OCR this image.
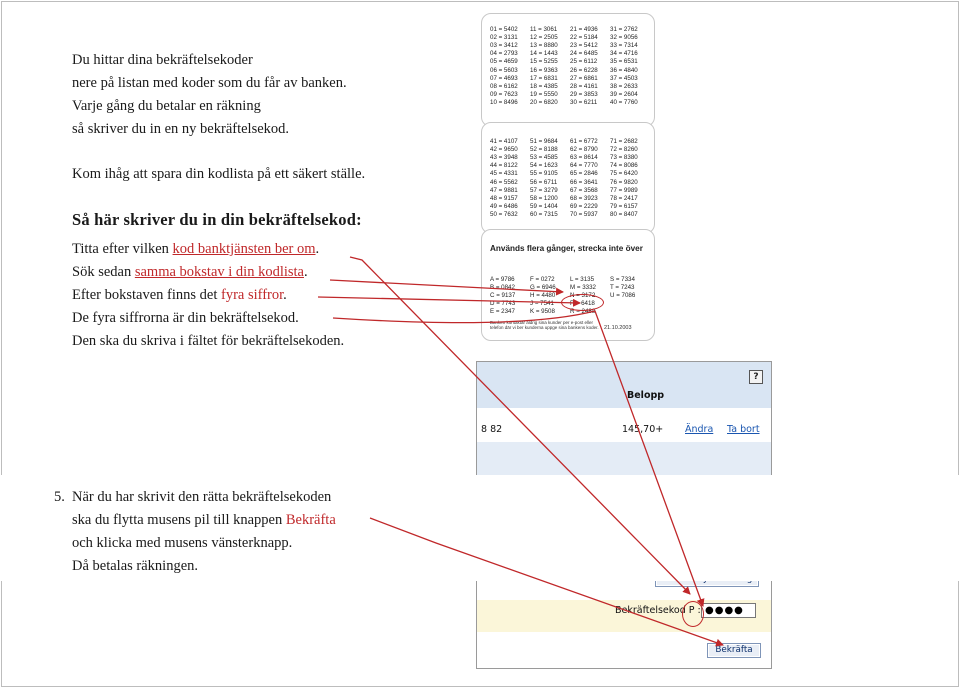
Du hittar dina bekräftelsekoder
nere på listan med koder som du får av banken.
Varje gång du betalar en räkning
så skriver du in en ny bekräftelsekod.
Kom ihåg att spara din kodlista på ett säkert ställe.
Så här skriver du in din bekräftelsekod:
Titta efter vilken kod banktjänsten ber om.
Sök sedan samma bokstav i din kodlista.
Efter bokstaven finns det fyra siffror.
De fyra siffrorna är din bekräftelsekod.
Den ska du skriva i fältet för bekräftelsekoden.
01 = 5402 11 = 3061 21 = 4936 31 = 2762
02 = 3131 12 = 2505 22 = 5184 32 = 9056
03 = 3412 13 = 8880 23 = 5412 33 = 7314
04 = 2793 14 = 1443 24 = 6485 34 = 4716
05 = 4659 15 = 5255 25 = 6112 35 = 6531
06 = 5603 16 = 9363 26 = 6228 36 = 4840
07 = 4693 17 = 6831 27 = 6861 37 = 4503
08 = 6162 18 = 4385 28 = 4161 38 = 2633
09 = 7623 19 = 5550 29 = 3853 39 = 2604
10 = 8496 20 = 6820 30 = 6211 40 = 7760
41 = 4107 51 = 9684 61 = 6772 71 = 2682
42 = 9650 52 = 8188 62 = 8790 72 = 8260
43 = 3948 53 = 4585 63 = 8614 73 = 8380
44 = 8122 54 = 1623 64 = 7770 74 = 8086
45 = 4331 55 = 9105 65 = 2846 75 = 6420
46 = 5562 56 = 6711 66 = 3641 76 = 9820
47 = 9881 57 = 3279 67 = 3568 77 = 9989
48 = 9157 58 = 1200 68 = 3923 78 = 2417
49 = 6486 59 = 1404 69 = 2229 79 = 6157
50 = 7632 60 = 7315 70 = 5937 80 = 8407
Används flera gånger, strecka inte över
A = 9786 F = 0272 L = 3135	S = 7334
B = 0842 G = 6946 M = 3332 T = 7243
C = 9137 H = 4480 N = 3172 U = 7086
D = 7743 J = 7541	P = 6418
E = 2347 K = 9508 R = 2488
Banken kontaktar aldrig sina kunder per e-post eller
telefon där vi ber kunderna uppge sina bankens koder. 21.10.2003
?
Belopp
8 82	145,70+ Ändra Ta bort
Bekräftelsekod P : ●●●●
Bekräfta
5. När du har skrivit den rätta bekräftelsekoden
ska du flytta musens pil till knappen Bekräfta
och klicka med musens vänsterknapp.
Då betalas räkningen.
